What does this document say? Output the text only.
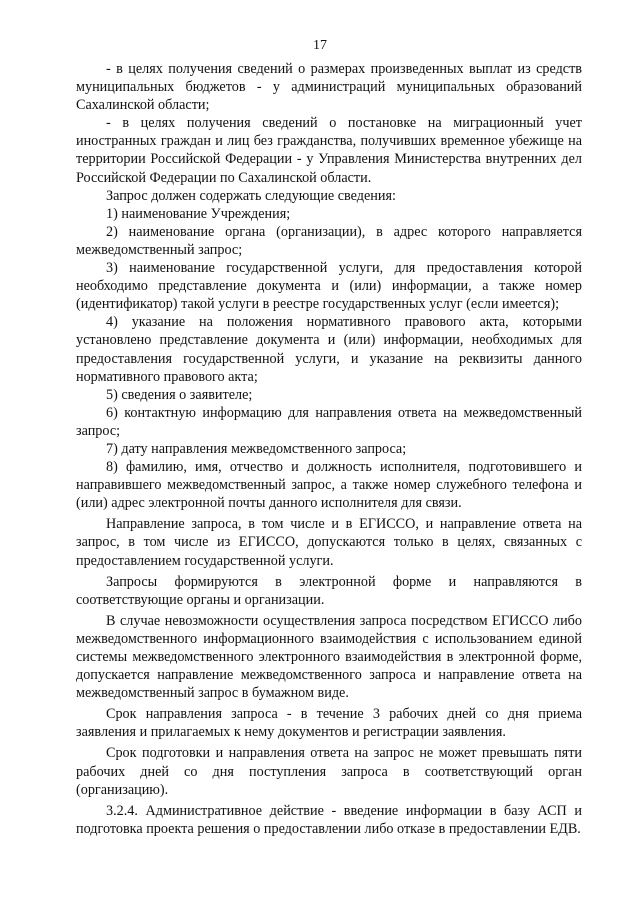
17

- в целях получения сведений о размерах произведенных выплат из средств муниципальных бюджетов - у администраций муниципальных образований Сахалинской области;

- в целях получения сведений о постановке на миграционный учет иностранных граждан и лиц без гражданства, получивших временное убежище на территории Российской Федерации - у Управления Министерства внутренних дел Российской Федерации по Сахалинской области.

Запрос должен содержать следующие сведения:

1) наименование Учреждения;

2) наименование органа (организации), в адрес которого направляется межведомственный запрос;

3) наименование государственной услуги, для предоставления которой необходимо представление документа и (или) информации, а также номер (идентификатор) такой услуги в реестре государственных услуг (если имеется);

4) указание на положения нормативного правового акта, которыми установлено представление документа и (или) информации, необходимых для предоставления государственной услуги, и указание на реквизиты данного нормативного правового акта;

5) сведения о заявителе;

6) контактную информацию для направления ответа на межведомственный запрос;

7) дату направления межведомственного запроса;

8) фамилию, имя, отчество и должность исполнителя, подготовившего и направившего межведомственный запрос, а также номер служебного телефона и (или) адрес электронной почты данного исполнителя для связи.

Направление запроса, в том числе и в ЕГИССО, и направление ответа на запрос, в том числе из ЕГИССО, допускаются только в целях, связанных с предоставлением государственной услуги.

Запросы формируются в электронной форме и направляются в соответствующие органы и организации.

В случае невозможности осуществления запроса посредством ЕГИССО либо межведомственного информационного взаимодействия с использованием единой системы межведомственного электронного взаимодействия в электронной форме, допускается направление межведомственного запроса и направление ответа на межведомственный запрос в бумажном виде.

Срок направления запроса - в течение 3 рабочих дней со дня приема заявления и прилагаемых к нему документов и регистрации заявления.

Срок подготовки и направления ответа на запрос не может превышать пяти рабочих дней со дня поступления запроса в соответствующий орган (организацию).

3.2.4. Административное действие - введение информации в базу АСП и подготовка проекта решения о предоставлении либо отказе в предоставлении ЕДВ.
